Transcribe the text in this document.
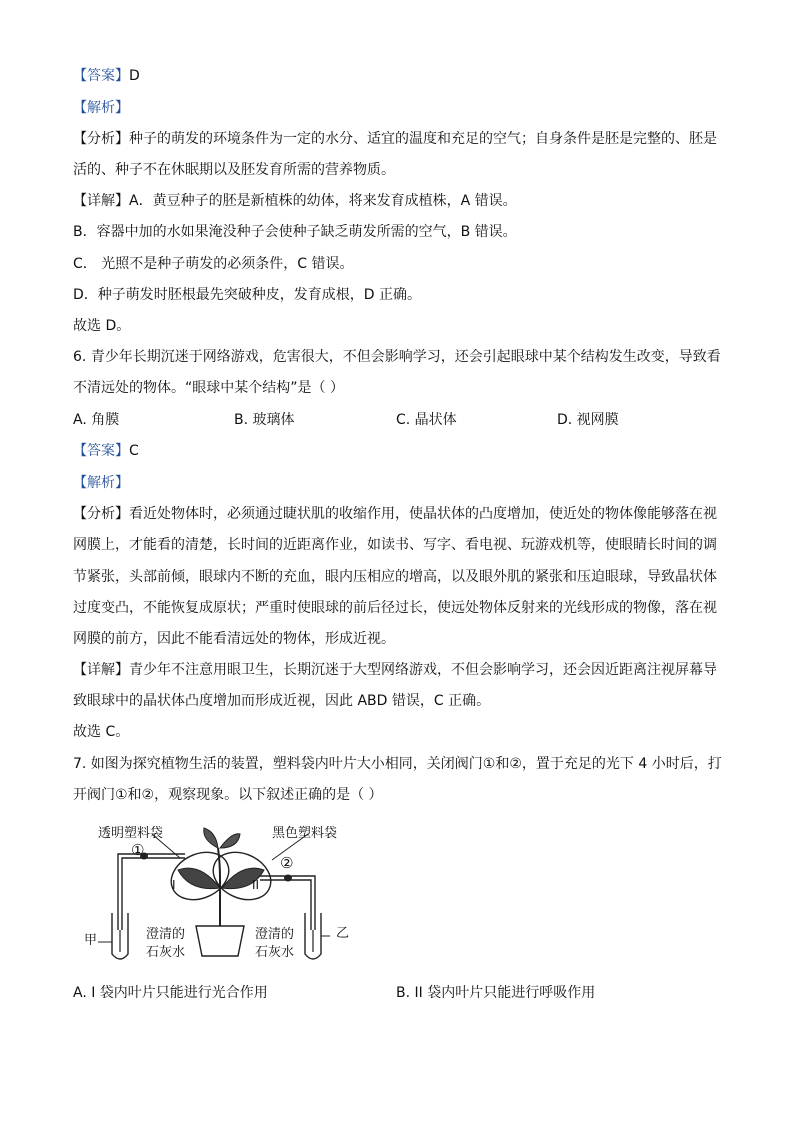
【答案】D
【解析】
【分析】种子的萌发的环境条件为一定的水分、适宜的温度和充足的空气；自身条件是胚是完整的、胚是
活的、种子不在休眠期以及胚发育所需的营养物质。
【详解】A．黄豆种子的胚是新植株的幼体，将来发育成植株，A 错误。
B．容器中加的水如果淹没种子会使种子缺乏萌发所需的空气，B 错误。
C． 光照不是种子萌发的必须条件，C 错误。
D．种子萌发时胚根最先突破种皮，发育成根，D 正确。
故选 D。
6. 青少年长期沉迷于网络游戏，危害很大，不但会影响学习，还会引起眼球中某个结构发生改变，导致看
不清远处的物体。“眼球中某个结构”是（ ）
A. 角膜	B. 玻璃体	C. 晶状体	D. 视网膜
【答案】C
【解析】
【分析】看近处物体时，必须通过睫状肌的收缩作用，使晶状体的凸度增加，使近处的物体像能够落在视
网膜上，才能看的清楚，长时间的近距离作业，如读书、写字、看电视、玩游戏机等，使眼睛长时间的调
节紧张，头部前倾，眼球内不断的充血，眼内压相应的增高，以及眼外肌的紧张和压迫眼球，导致晶状体
过度变凸，不能恢复成原状；严重时使眼球的前后径过长，使远处物体反射来的光线形成的物像，落在视
网膜的前方，因此不能看清远处的物体，形成近视。
【详解】青少年不注意用眼卫生，长期沉迷于大型网络游戏，不但会影响学习，还会因近距离注视屏幕导
致眼球中的晶状体凸度增加而形成近视，因此 ABD 错误，C 正确。
故选 C。
7. 如图为探究植物生活的装置，塑料袋内叶片大小相同，关闭阀门①和②，置于充足的光下 4 小时后，打
开阀门①和②，观察现象。以下叙述正确的是（ ）
透明塑料袋	黑色塑料袋
①
②
I	II
甲	乙
澄清的
石灰水
澄清的
石灰水
A. I 袋内叶片只能进行光合作用	B. II 袋内叶片只能进行呼吸作用
